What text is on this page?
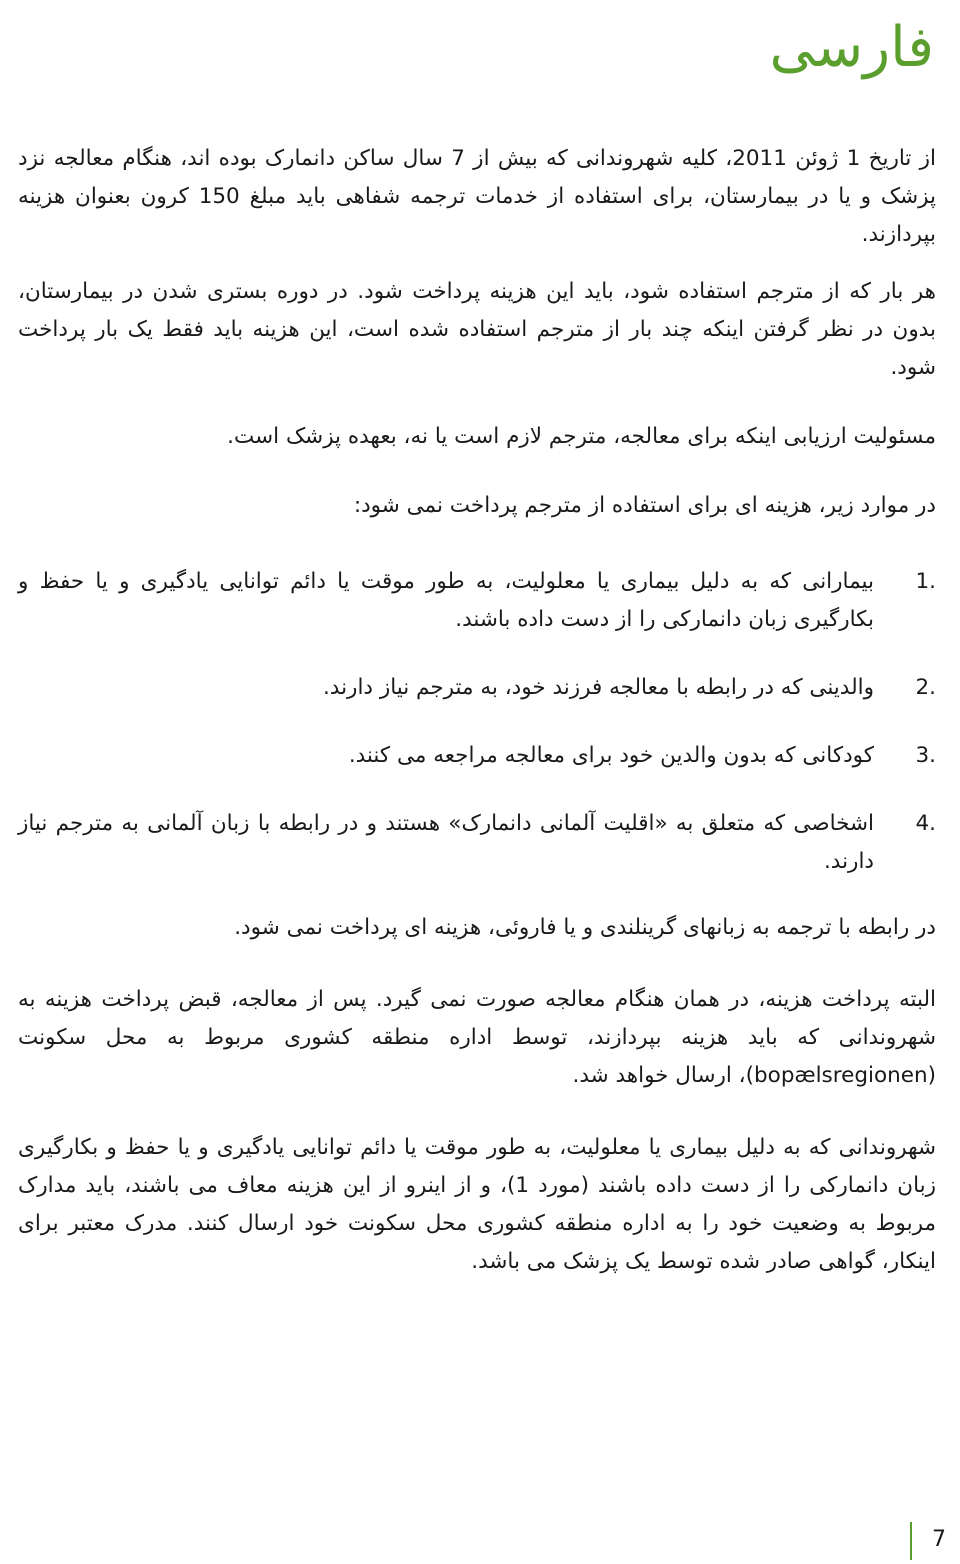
فارسی

از تاریخ 1 ژوئن 2011، کلیه شهروندانی که بیش از 7 سال ساکن دانمارک بوده اند، هنگام معالجه نزد پزشک و یا در بیمارستان، برای استفاده از خدمات ترجمه شفاهی باید مبلغ 150 کرون بعنوان هزینه بپردازند.

هر بار که از مترجم استفاده شود، باید این هزینه پرداخت شود. در دوره بستری شدن در بیمارستان، بدون در نظر گرفتن اینکه چند بار از مترجم استفاده شده است، این هزینه باید فقط یک بار پرداخت شود.

مسئولیت ارزیابی اینکه برای معالجه، مترجم لازم است یا نه، بعهده پزشک است.

در موارد زیر، هزینه ای برای استفاده از مترجم پرداخت نمی شود:

1.
بیمارانی که به دلیل بیماری یا معلولیت، به طور موقت یا دائم توانایی یادگیری و یا حفظ و بکارگیری زبان دانمارکی را از دست داده باشند.
2.
والدینی که در رابطه با معالجه فرزند خود، به مترجم نیاز دارند.
3.
کودکانی که بدون والدین خود برای معالجه مراجعه می کنند.
4.
اشخاصی که متعلق به «اقلیت آلمانی دانمارک» هستند و در رابطه با زبان آلمانی به مترجم نیاز دارند.

در رابطه با ترجمه به زبانهای گرینلندی و یا فاروئی، هزینه ای پرداخت نمی شود.

البته پرداخت هزینه، در همان هنگام معالجه صورت نمی گیرد. پس از معالجه، قبض پرداخت هزینه به شهروندانی که باید هزینه بپردازند، توسط اداره منطقه کشوری مربوط به محل سکونت (bopælsregionen)، ارسال خواهد شد.

شهروندانی که به دلیل بیماری یا معلولیت، به طور موقت یا دائم توانایی یادگیری و یا حفظ و بکارگیری زبان دانمارکی را از دست داده باشند (مورد 1)، و از اینرو از این هزینه معاف می باشند، باید مدارک مربوط به وضعیت خود را به اداره منطقه کشوری محل سکونت خود ارسال کنند. مدرک معتبر برای اینکار، گواهی صادر شده توسط یک پزشک می باشد.

7
